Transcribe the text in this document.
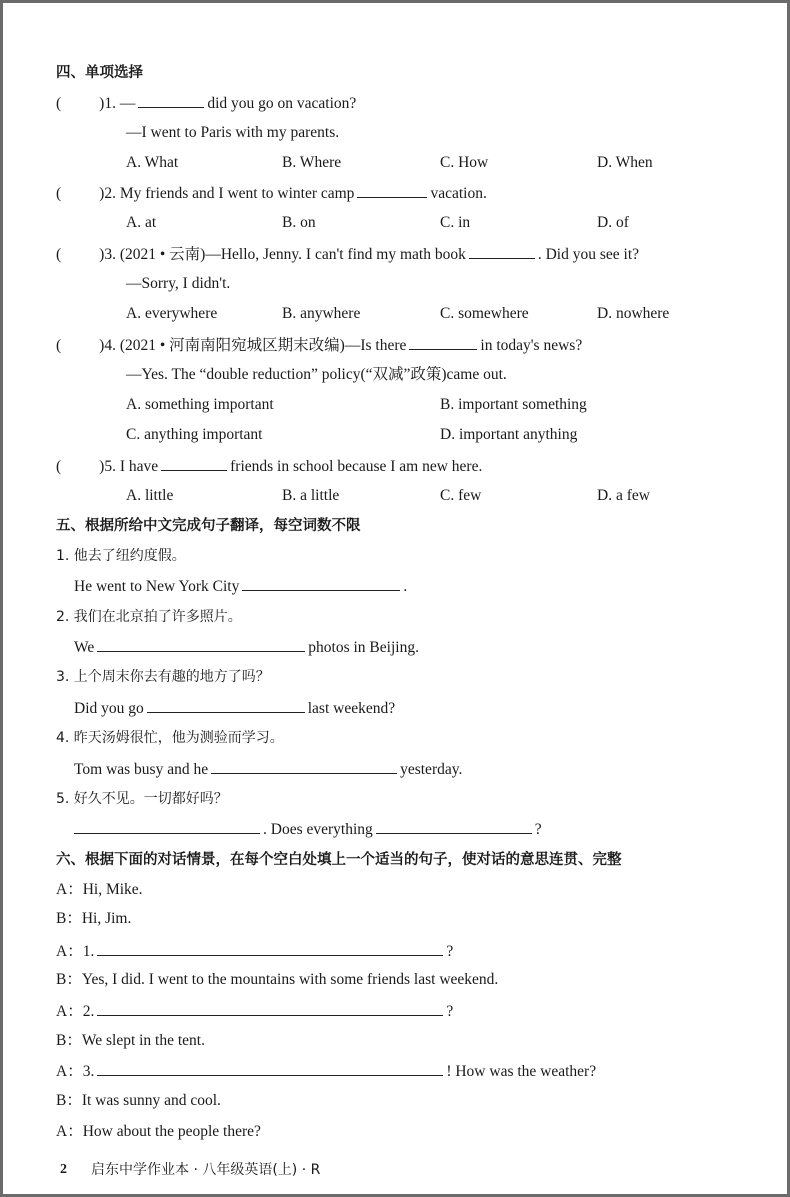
四、单项选择
( )1. —	did you go on vacation?
—I went to Paris with my parents.
A. What	B. Where	C. How	D. When
( )2. My friends and I went to winter camp	vacation.
A. at	B. on	C. in	D. of
( )3. (2021 • 云南)—Hello, Jenny. I can't find my math book	. Did you see it?
—Sorry, I didn't.
A. everywhere	B. anywhere	C. somewhere	D. nowhere
( )4. (2021 • 河南南阳宛城区期末改编)—Is there	in today's news?
—Yes. The “double reduction” policy(“双减”政策)came out.
A. something important	B. important something
C. anything important	D. important anything
( )5. I have	friends in school because I am new here.
A. little	B. a little	C. few	D. a few
五、根据所给中文完成句子翻译，每空词数不限
1. 他去了纽约度假。
He went to New York City	.
2. 我们在北京拍了许多照片。
We	photos in Beijing.
3. 上个周末你去有趣的地方了吗？
Did you go	last weekend?
4. 昨天汤姆很忙，他为测验而学习。
Tom was busy and he	yesterday.
5. 好久不见。一切都好吗？
. Does everything	?
六、根据下面的对话情景，在每个空白处填上一个适当的句子，使对话的意思连贯、完整
A：Hi, Mike.
B：Hi, Jim.
A：1.	?
B：Yes, I did. I went to the mountains with some friends last weekend.
A：2.	?
B：We slept in the tent.
A：3.	! How was the weather?
B：It was sunny and cool.
A：How about the people there?
2 启东中学作业本 · 八年级英语(上) · R
